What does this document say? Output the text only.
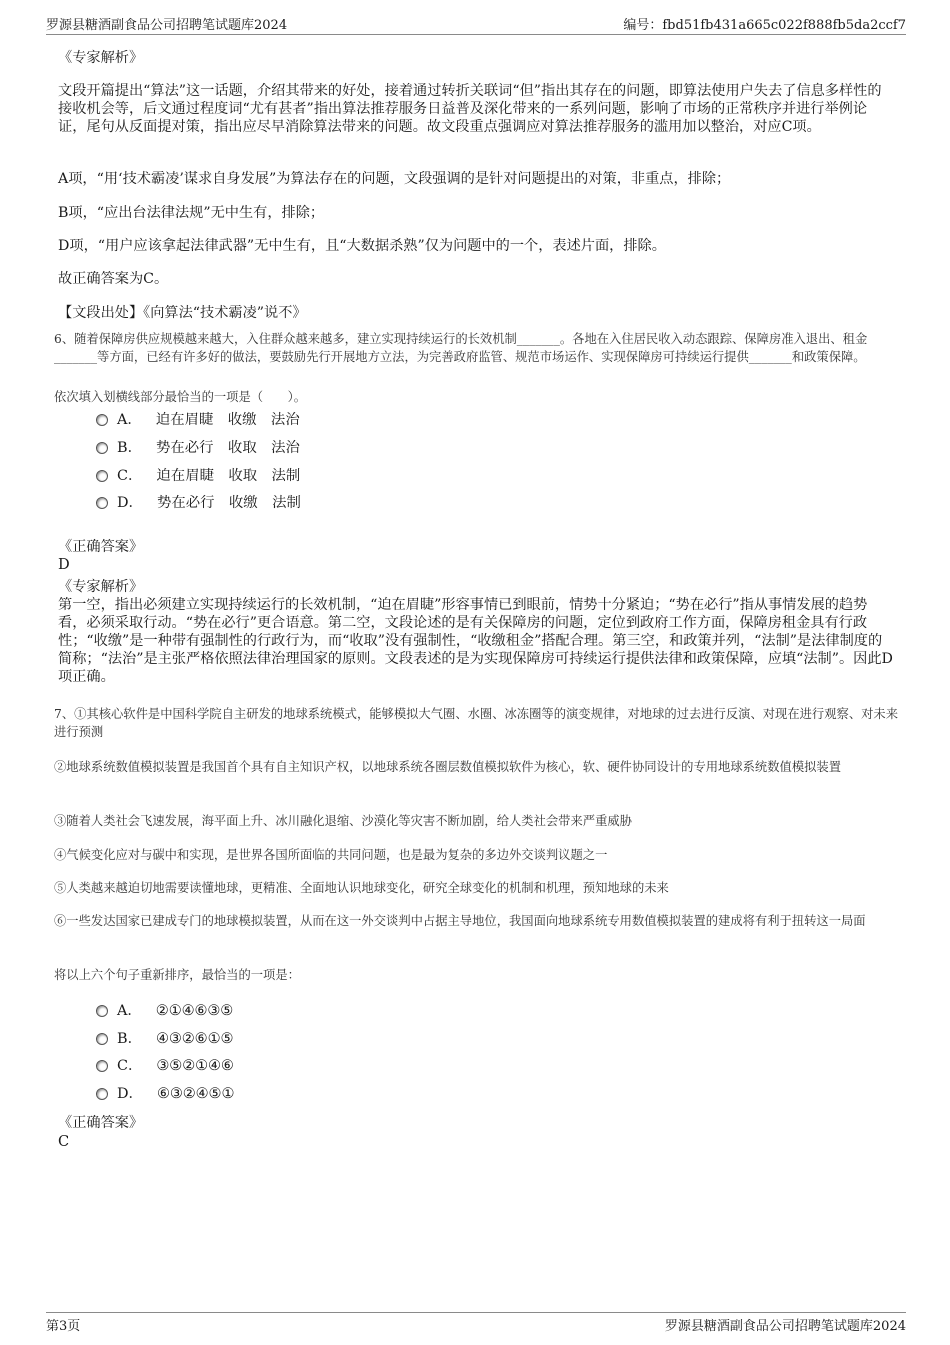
罗源县糖酒副食品公司招聘笔试题库2024	编号：fbd51fb431a665c022f888fb5da2ccf7

《专家解析》

文段开篇提出“算法”这一话题，介绍其带来的好处，接着通过转折关联词“但”指出其存在的问题，即算法使用户失去了信息多样性的接收机会等，后文通过程度词“尤有甚者”指出算法推荐服务日益普及深化带来的一系列问题，影响了市场的正常秩序并进行举例论证，尾句从反面提对策，指出应尽早消除算法带来的问题。故文段重点强调应对算法推荐服务的滥用加以整治，对应C项。

A项，“用‘技术霸凌’谋求自身发展”为算法存在的问题，文段强调的是针对问题提出的对策，非重点，排除；

B项，“应出台法律法规”无中生有，排除；

D项，“用户应该拿起法律武器”无中生有，且“大数据杀熟”仅为问题中的一个，表述片面，排除。

故正确答案为C。

【文段出处】《向算法“技术霸凌”说不》

6、随着保障房供应规模越来越大，入住群众越来越多，建立实现持续运行的长效机制_______。各地在入住居民收入动态跟踪、保障房准入退出、租金_______等方面，已经有许多好的做法，要鼓励先行开展地方立法，为完善政府监管、规范市场运作、实现保障房可持续运行提供_______和政策保障。

依次填入划横线部分最恰当的一项是（　　）。

A． 迫在眉睫　收缴　法治
B． 势在必行　收取　法治
C． 迫在眉睫　收取　法制
D． 势在必行　收缴　法制

《正确答案》

D

《专家解析》

第一空，指出必须建立实现持续运行的长效机制，“迫在眉睫”形容事情已到眼前，情势十分紧迫；“势在必行”指从事情发展的趋势看，必须采取行动。“势在必行”更合语意。第二空，文段论述的是有关保障房的问题，定位到政府工作方面，保障房租金具有行政性；“收缴”是一种带有强制性的行政行为，而“收取”没有强制性，“收缴租金”搭配合理。第三空，和政策并列，“法制”是法律制度的简称；“法治”是主张严格依照法律治理国家的原则。文段表述的是为实现保障房可持续运行提供法律和政策保障，应填“法制”。因此D项正确。

7、①其核心软件是中国科学院自主研发的地球系统模式，能够模拟大气圈、水圈、冰冻圈等的演变规律，对地球的过去进行反演、对现在进行观察、对未来进行预测

②地球系统数值模拟装置是我国首个具有自主知识产权，以地球系统各圈层数值模拟软件为核心，软、硬件协同设计的专用地球系统数值模拟装置

③随着人类社会飞速发展，海平面上升、冰川融化退缩、沙漠化等灾害不断加剧，给人类社会带来严重威胁

④气候变化应对与碳中和实现，是世界各国所面临的共同问题，也是最为复杂的多边外交谈判议题之一

⑤人类越来越迫切地需要读懂地球，更精准、全面地认识地球变化，研究全球变化的机制和机理，预知地球的未来

⑥一些发达国家已建成专门的地球模拟装置，从而在这一外交谈判中占据主导地位，我国面向地球系统专用数值模拟装置的建成将有利于扭转这一局面

将以上六个句子重新排序，最恰当的一项是：

A． ②①④⑥③⑤
B． ④③②⑥①⑤
C． ③⑤②①④⑥
D． ⑥③②④⑤①

《正确答案》

C

第3页	罗源县糖酒副食品公司招聘笔试题库2024
